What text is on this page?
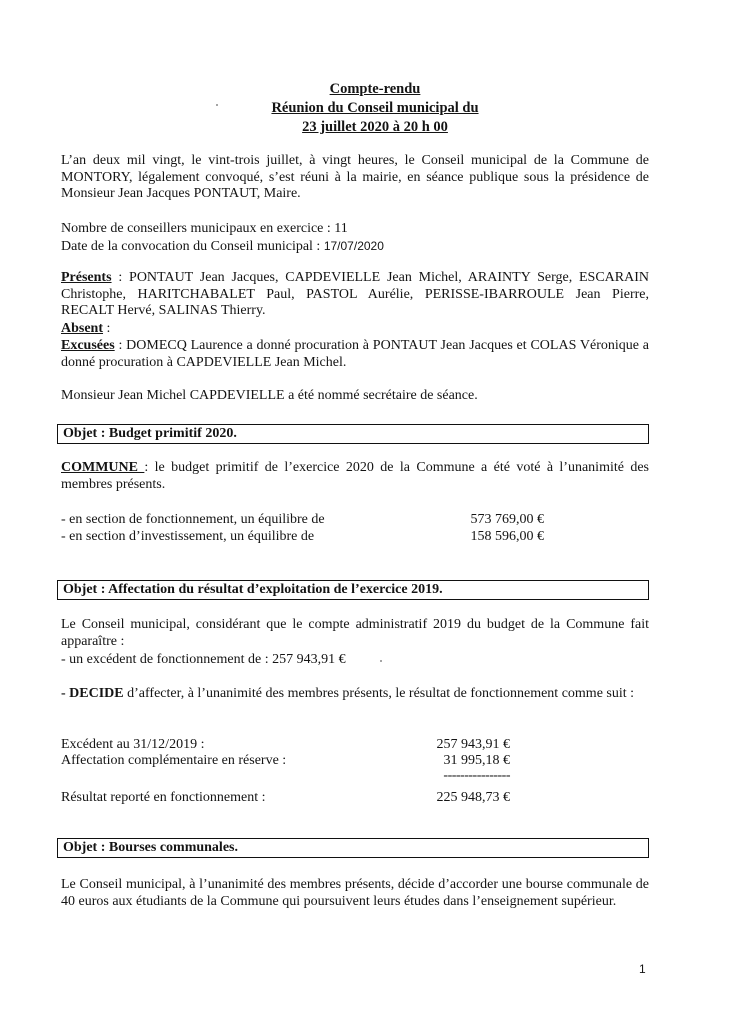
Compte-rendu
Réunion du Conseil municipal du
23 juillet 2020 à 20 h 00
L’an deux mil vingt, le vint-trois juillet, à vingt heures, le Conseil municipal de la Commune de MONTORY, légalement convoqué, s’est réuni à la mairie, en séance publique sous la présidence de Monsieur Jean Jacques PONTAUT, Maire.
Nombre de conseillers municipaux en exercice : 11
Date de la convocation du Conseil municipal : 17/07/2020
Présents : PONTAUT Jean Jacques, CAPDEVIELLE Jean Michel, ARAINTY Serge, ESCARAIN Christophe, HARITCHABALET Paul, PASTOL Aurélie, PERISSE-IBARROULE Jean Pierre, RECALT Hervé, SALINAS Thierry.
Absent :
Excusées : DOMECQ Laurence a donné procuration à PONTAUT Jean Jacques et COLAS Véronique a donné procuration à CAPDEVIELLE Jean Michel.
Monsieur Jean Michel CAPDEVIELLE a été nommé secrétaire de séance.
Objet : Budget primitif 2020.
COMMUNE : le budget primitif de l’exercice 2020 de la Commune a été voté à l’unanimité des membres présents.
- en section de fonctionnement, un équilibre de	573 769,00 €
- en section d’investissement, un équilibre de	158 596,00 €
Objet : Affectation du résultat d’exploitation de l’exercice 2019.
Le Conseil municipal, considérant que le compte administratif 2019 du budget de la Commune fait apparaître :
- un excédent de fonctionnement de : 257 943,91 €
- DECIDE d’affecter, à l’unanimité des membres présents, le résultat de fonctionnement comme suit :
Excédent au 31/12/2019 :	257 943,91 €
Affectation complémentaire en réserve :	31 995,18 €
----------------
Résultat reporté en fonctionnement :	225 948,73 €
Objet : Bourses communales.
Le Conseil municipal, à l’unanimité des membres présents, décide d’accorder une bourse communale de 40 euros aux étudiants de la Commune qui poursuivent leurs études dans l’enseignement supérieur.
1
